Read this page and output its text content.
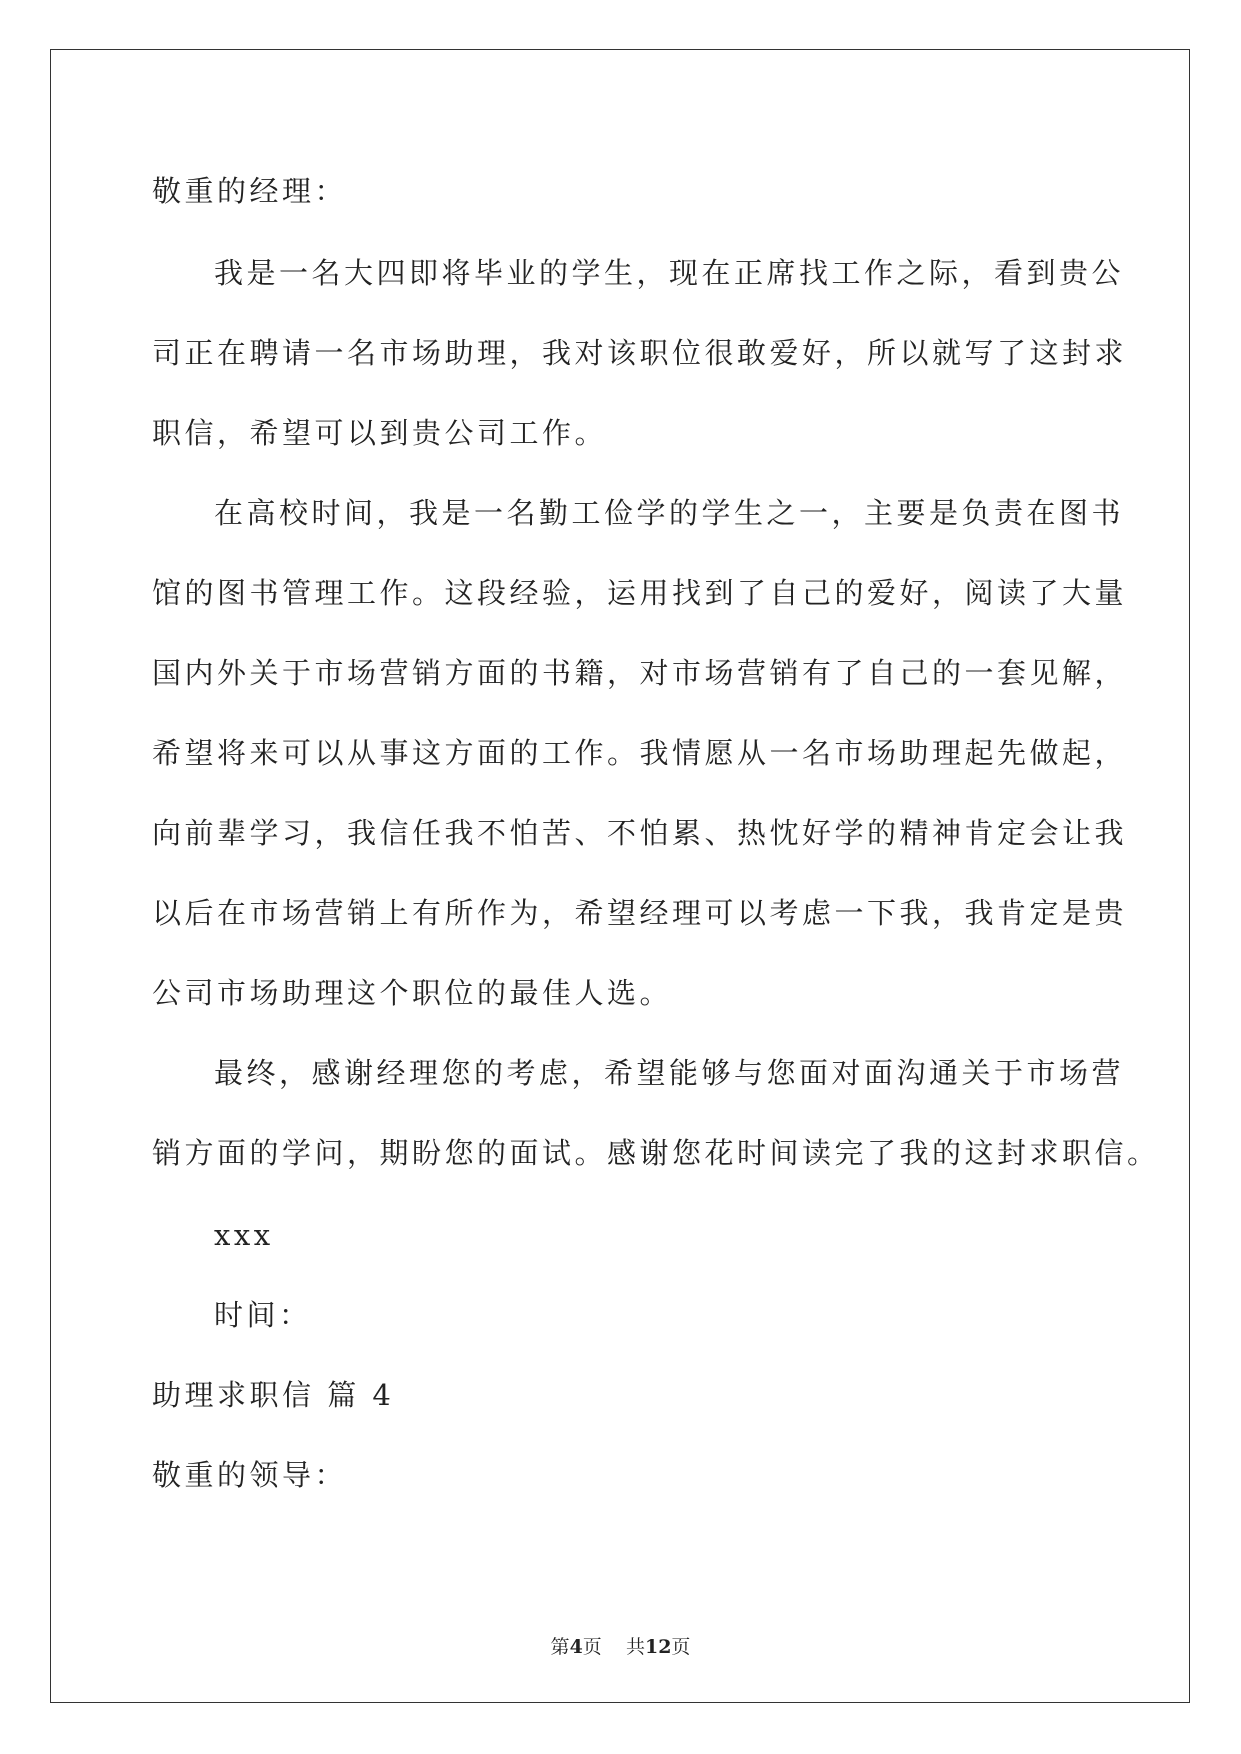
敬重的经理：
我是一名大四即将毕业的学生，现在正席找工作之际，看到贵公
司正在聘请一名市场助理，我对该职位很敢爱好，所以就写了这封求
职信，希望可以到贵公司工作。
在高校时间，我是一名勤工俭学的学生之一，主要是负责在图书
馆的图书管理工作。这段经验，运用找到了自己的爱好，阅读了大量
国内外关于市场营销方面的书籍，对市场营销有了自己的一套见解，
希望将来可以从事这方面的工作。我情愿从一名市场助理起先做起，
向前辈学习，我信任我不怕苦、不怕累、热忱好学的精神肯定会让我
以后在市场营销上有所作为，希望经理可以考虑一下我，我肯定是贵
公司市场助理这个职位的最佳人选。
最终，感谢经理您的考虑，希望能够与您面对面沟通关于市场营
销方面的学问，期盼您的面试。感谢您花时间读完了我的这封求职信。
xxx
时间：
助理求职信 篇 4
敬重的领导：
第4页    共12页
